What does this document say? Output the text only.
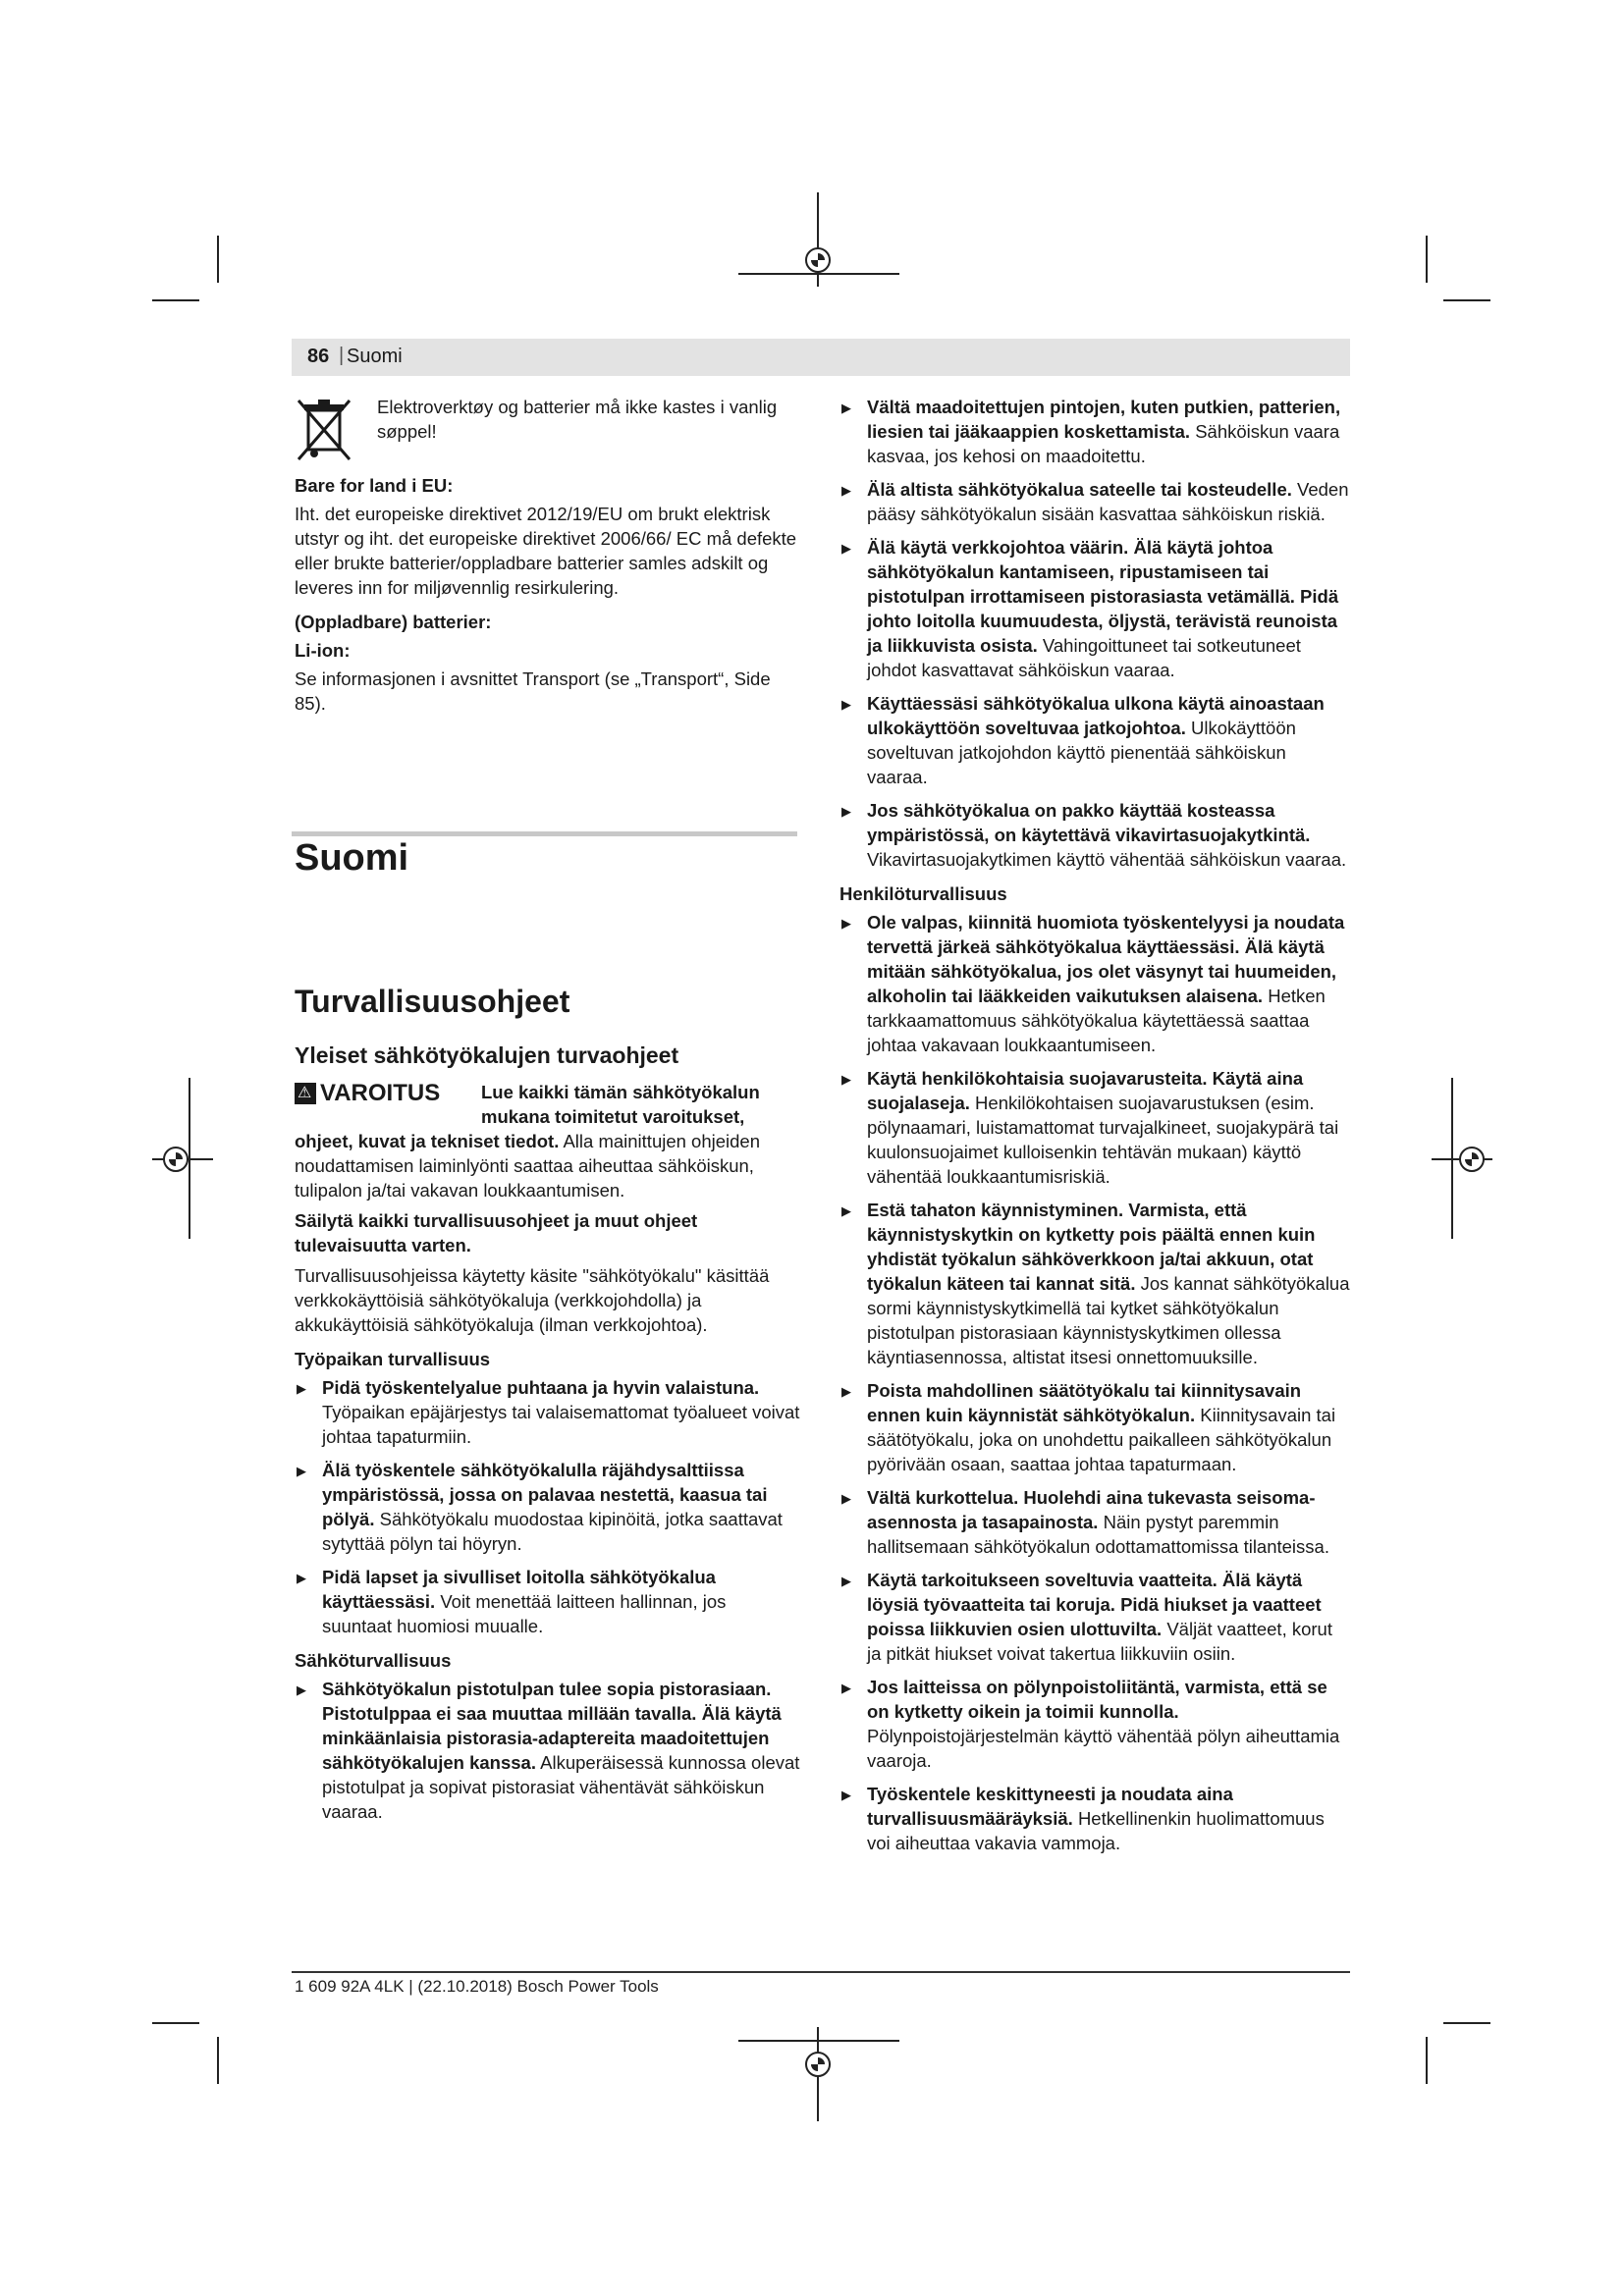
86 | Suomi
Elektroverktøy og batterier må ikke kastes i vanlig søppel!
Bare for land i EU:

Iht. det europeiske direktivet 2012/19/EU om brukt elektrisk utstyr og iht. det europeiske direktivet 2006/66/ EC må defekte eller brukte batterier/oppladbare batterier samles adskilt og leveres inn for miljøvennlig resirkulering.

(Oppladbare) batterier:
Li-ion:

Se informasjonen i avsnittet Transport (se „Transport“, Side 85).

Suomi
Turvallisuusohjeet
Yleiset sähkötyökalujen turvaohjeet
⚠ VAROITUS	Lue kaikki tämän sähkötyökalun mukana toimitetut varoitukset, ohjeet, kuvat ja tekniset tiedot. Alla mainittujen ohjeiden noudattamisen laiminlyönti saattaa aiheuttaa sähköiskun, tulipalon ja/tai vakavan loukkaantumisen.

Säilytä kaikki turvallisuusohjeet ja muut ohjeet tulevaisuutta varten.

Turvallisuusohjeissa käytetty käsite "sähkötyökalu" käsittää verkkokäyttöisiä sähkötyökaluja (verkkojohdolla) ja akkukäyttöisiä sähkötyökaluja (ilman verkkojohtoa).

Työpaikan turvallisuus
▶ Pidä työskentelyalue puhtaana ja hyvin valaistuna. Työpaikan epäjärjestys tai valaisemattomat työalueet voivat johtaa tapaturmiin.
▶ Älä työskentele sähkötyökalulla räjähdysalttiissa ympäristössä, jossa on palavaa nestettä, kaasua tai pölyä. Sähkötyökalu muodostaa kipinöitä, jotka saattavat sytyttää pölyn tai höyryn.
▶ Pidä lapset ja sivulliset loitolla sähkötyökalua käyttäessäsi. Voit menettää laitteen hallinnan, jos suuntaat huomiosi muualle.
Sähköturvallisuus
▶ Sähkötyökalun pistotulpan tulee sopia pistorasiaan. Pistotulppaa ei saa muuttaa millään tavalla. Älä käytä minkäänlaisia pistorasia-adaptereita maadoitettujen sähkötyökalujen kanssa. Alkuperäisessä kunnossa olevat pistotulpat ja sopivat pistorasiat vähentävät sähköiskun vaaraa.
▶ Vältä maadoitettujen pintojen, kuten putkien, patterien, liesien tai jääkaappien koskettamista. Sähköiskun vaara kasvaa, jos kehosi on maadoitettu.
▶ Älä altista sähkötyökalua sateelle tai kosteudelle. Veden pääsy sähkötyökalun sisään kasvattaa sähköiskun riskiä.
▶ Älä käytä verkkojohtoa väärin. Älä käytä johtoa sähkötyökalun kantamiseen, ripustamiseen tai pistotulpan irrottamiseen pistorasiasta vetämällä. Pidä johto loitolla kuumuudesta, öljystä, terävistä reunoista ja liikkuvista osista. Vahingoittuneet tai sotkeutuneet johdot kasvattavat sähköiskun vaaraa.
▶ Käyttäessäsi sähkötyökalua ulkona käytä ainoastaan ulkokäyttöön soveltuvaa jatkojohtoa. Ulkokäyttöön soveltuvan jatkojohdon käyttö pienentää sähköiskun vaaraa.
▶ Jos sähkötyökalua on pakko käyttää kosteassa ympäristössä, on käytettävä vikavirtasuojakytkintä. Vikavirtasuojakytkimen käyttö vähentää sähköiskun vaaraa.
Henkilöturvallisuus
▶ Ole valpas, kiinnitä huomiota työskentelyysi ja noudata tervettä järkeä sähkötyökalua käyttäessäsi. Älä käytä mitään sähkötyökalua, jos olet väsynyt tai huumeiden, alkoholin tai lääkkeiden vaikutuksen alaisena. Hetken tarkkaamattomuus sähkötyökalua käytettäessä saattaa johtaa vakavaan loukkaantumiseen.
▶ Käytä henkilökohtaisia suojavarusteita. Käytä aina suojalaseja. Henkilökohtaisen suojavarustuksen (esim. pölynaamari, luistamattomat turvajalkineet, suojakypärä tai kuulonsuojaimet kulloisenkin tehtävän mukaan) käyttö vähentää loukkaantumisriskiä.
▶ Estä tahaton käynnistyminen. Varmista, että käynnistyskytkin on kytketty pois päältä ennen kuin yhdistät työkalun sähköverkkoon ja/tai akkuun, otat työkalun käteen tai kannat sitä. Jos kannat sähkötyökalua sormi käynnistyskytkimellä tai kytket sähkötyökalun pistotulpan pistorasiaan käynnistyskytkimen ollessa käyntiasennossa, altistat itsesi onnettomuuksille.
▶ Poista mahdollinen säätötyökalu tai kiinnitysavain ennen kuin käynnistät sähkötyökalun. Kiinnitysavain tai säätötyökalu, joka on unohdettu paikalleen sähkötyökalun pyörivään osaan, saattaa johtaa tapaturmaan.
▶ Vältä kurkottelua. Huolehdi aina tukevasta seisoma-asennosta ja tasapainosta. Näin pystyt paremmin hallitsemaan sähkötyökalun odottamattomissa tilanteissa.
▶ Käytä tarkoitukseen soveltuvia vaatteita. Älä käytä löysiä työvaatteita tai koruja. Pidä hiukset ja vaatteet poissa liikkuvien osien ulottuvilta. Väljät vaatteet, korut ja pitkät hiukset voivat takertua liikkuviin osiin.
▶ Jos laitteissa on pölynpoistoliitäntä, varmista, että se on kytketty oikein ja toimii kunnolla. Pölynpoistojärjestelmän käyttö vähentää pölyn aiheuttamia vaaroja.
▶ Työskentele keskittyneesti ja noudata aina turvallisuusmääräyksiä. Hetkellinenkin huolimattomuus voi aiheuttaa vakavia vammoja.
1 609 92A 4LK | (22.10.2018) Bosch Power Tools
